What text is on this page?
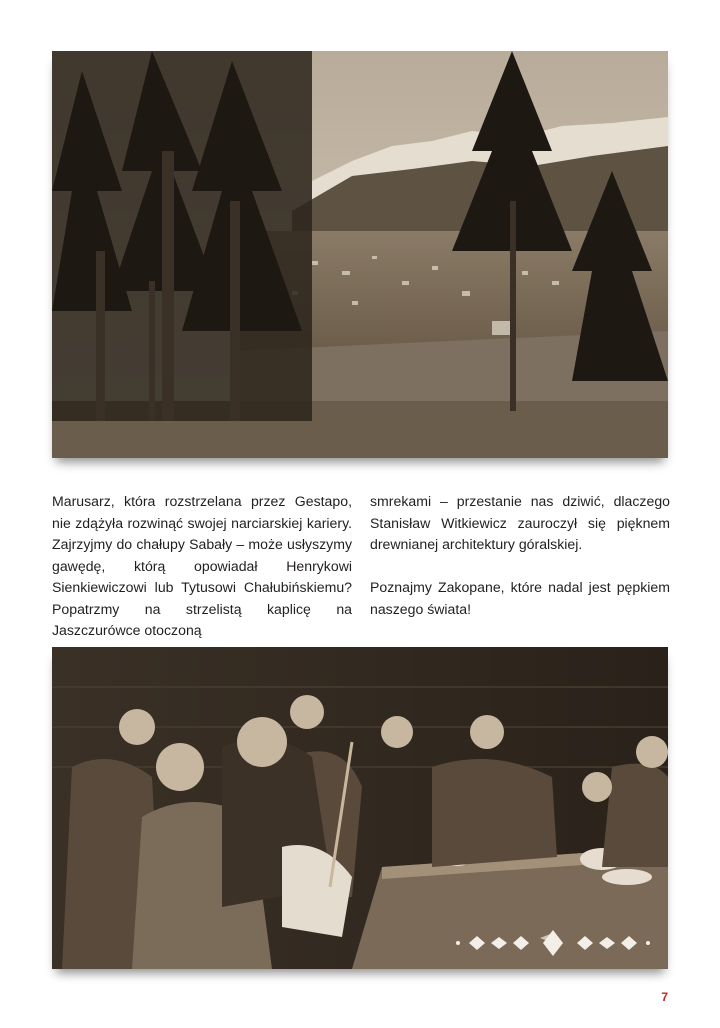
Marusarz, która rozstrzelana przez Gestapo, nie zdążyła rozwinąć swojej narciarskiej kariery. Zajrzyjmy do chałupy Sabały – może usłyszymy gawędę, którą opowiadał Henrykowi Sienkiewiczowi lub Tytusowi Chałubińskiemu? Popatrzmy na strzelistą kaplicę na Jaszczurówce otoczoną

smrekami – przestanie nas dziwić, dlaczego Stanisław Witkiewicz zauroczył się pięknem drewnianej architektury góralskiej.

Poznajmy Zakopane, które nadal jest pępkiem naszego świata!

7
